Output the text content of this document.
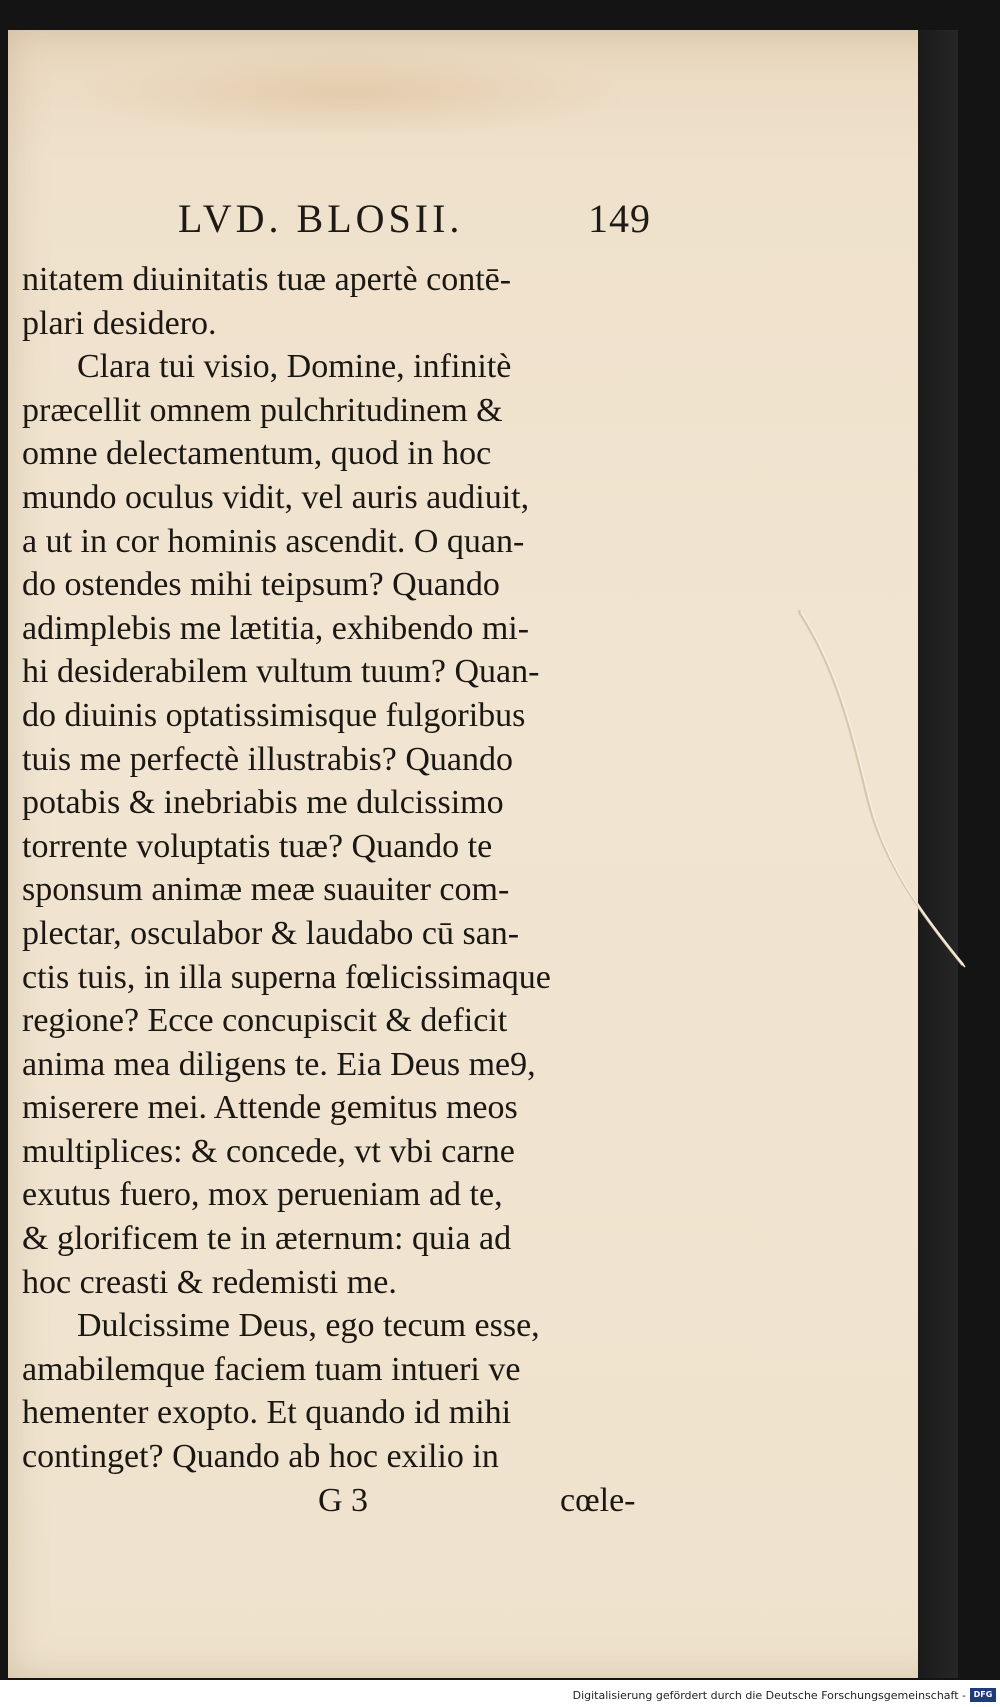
LVD. BLOSII.	149
nitatem diuinitatis tuæ apertè contē-
plari desidero.
Clara tui visio, Domine, infinitè
præcellit omnem pulchritudinem &
omne delectamentum, quod in hoc
mundo oculus vidit, vel auris audiuit,
a ut in cor hominis ascendit. O quan-
do ostendes mihi teipsum? Quando
adimplebis me lætitia, exhibendo mi-
hi desiderabilem vultum tuum? Quan-
do diuinis optatissimisque fulgoribus
tuis me perfectè illustrabis? Quando
potabis & inebriabis me dulcissimo
torrente voluptatis tuæ? Quando te
sponsum animæ meæ suauiter com-
plectar, osculabor & laudabo cū san-
ctis tuis, in illa superna fœlicissimaque
regione? Ecce concupiscit & deficit
anima mea diligens te. Eia Deus me9,
miserere mei. Attende gemitus meos
multiplices: & concede, vt vbi carne
exutus fuero, mox perueniam ad te,
& glorificem te in æternum: quia ad
hoc creasti & redemisti me.
Dulcissime Deus, ego tecum esse,
amabilemque faciem tuam intueri ve
hementer exopto. Et quando id mihi
continget? Quando ab hoc exilio in
G 3	cœle-
Digitalisierung gefördert durch die Deutsche Forschungsgemeinschaft - DFG
